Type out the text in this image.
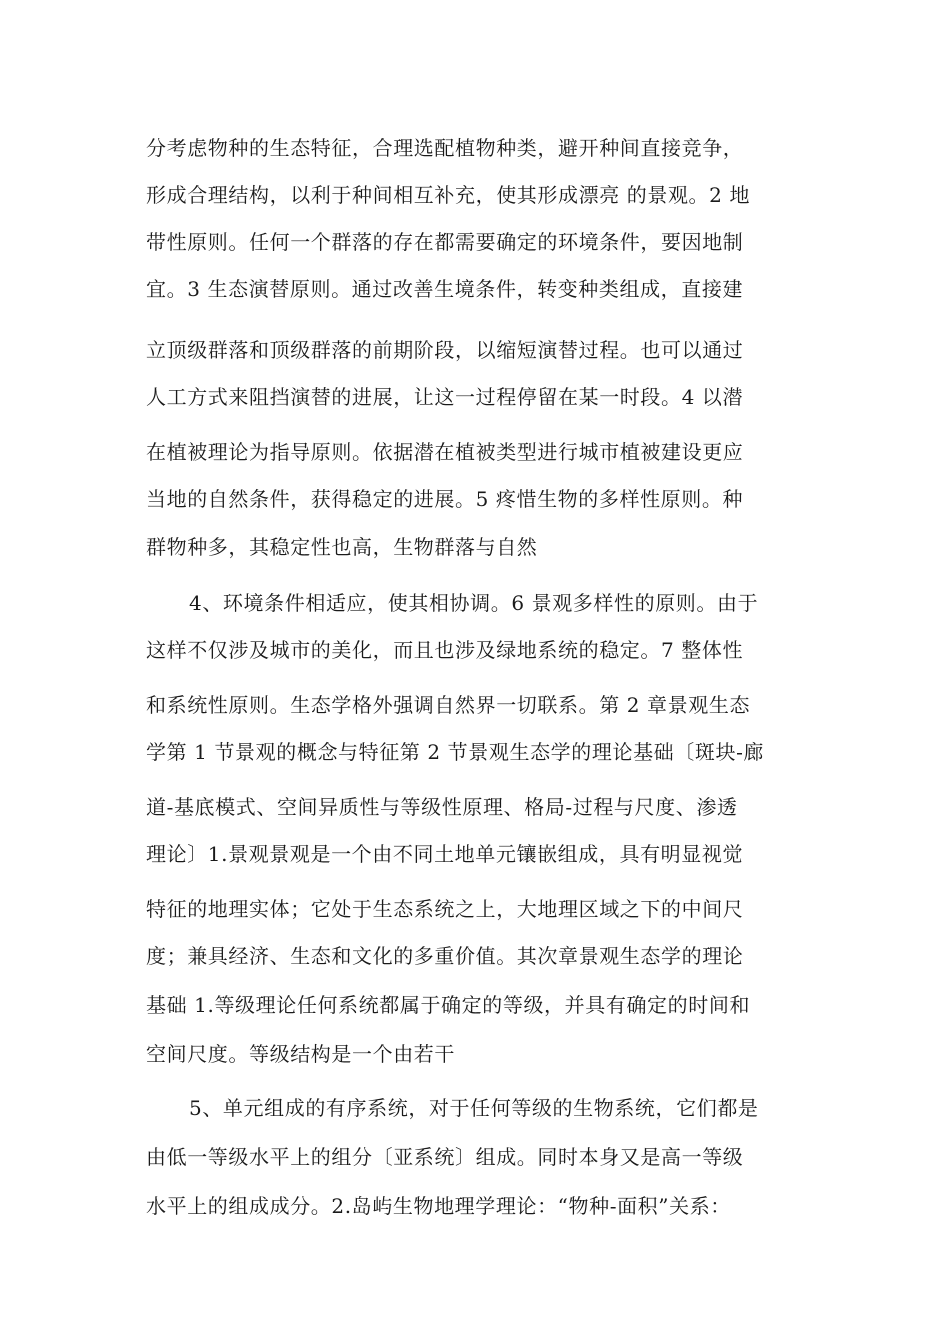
分考虑物种的生态特征，合理选配植物种类，避开种间直接竞争，
形成合理结构，以利于种间相互补充，使其形成漂亮 的景观。2 地
带性原则。任何一个群落的存在都需要确定的环境条件，要因地制
宜。3 生态演替原则。通过改善生境条件，转变种类组成，直接建
立顶级群落和顶级群落的前期阶段，以缩短演替过程。也可以通过
人工方式来阻挡演替的进展，让这一过程停留在某一时段。4 以潜
在植被理论为指导原则。依据潜在植被类型进行城市植被建设更应
当地的自然条件，获得稳定的进展。5 疼惜生物的多样性原则。种
群物种多，其稳定性也高，生物群落与自然
4、环境条件相适应，使其相协调。6 景观多样性的原则。由于
这样不仅涉及城市的美化，而且也涉及绿地系统的稳定。7 整体性
和系统性原则。生态学格外强调自然界一切联系。第 2 章景观生态
学第 1 节景观的概念与特征第 2 节景观生态学的理论基础〔斑块-廊
道-基底模式、空间异质性与等级性原理、格局-过程与尺度、渗透
理论〕1.景观景观是一个由不同土地单元镶嵌组成，具有明显视觉
特征的地理实体；它处于生态系统之上，大地理区域之下的中间尺
度；兼具经济、生态和文化的多重价值。其次章景观生态学的理论
基础 1.等级理论任何系统都属于确定的等级，并具有确定的时间和
空间尺度。等级结构是一个由若干
5、单元组成的有序系统，对于任何等级的生物系统，它们都是
由低一等级水平上的组分〔亚系统〕组成。同时本身又是高一等级
水平上的组成成分。2.岛屿生物地理学理论：“物种-面积”关系：
